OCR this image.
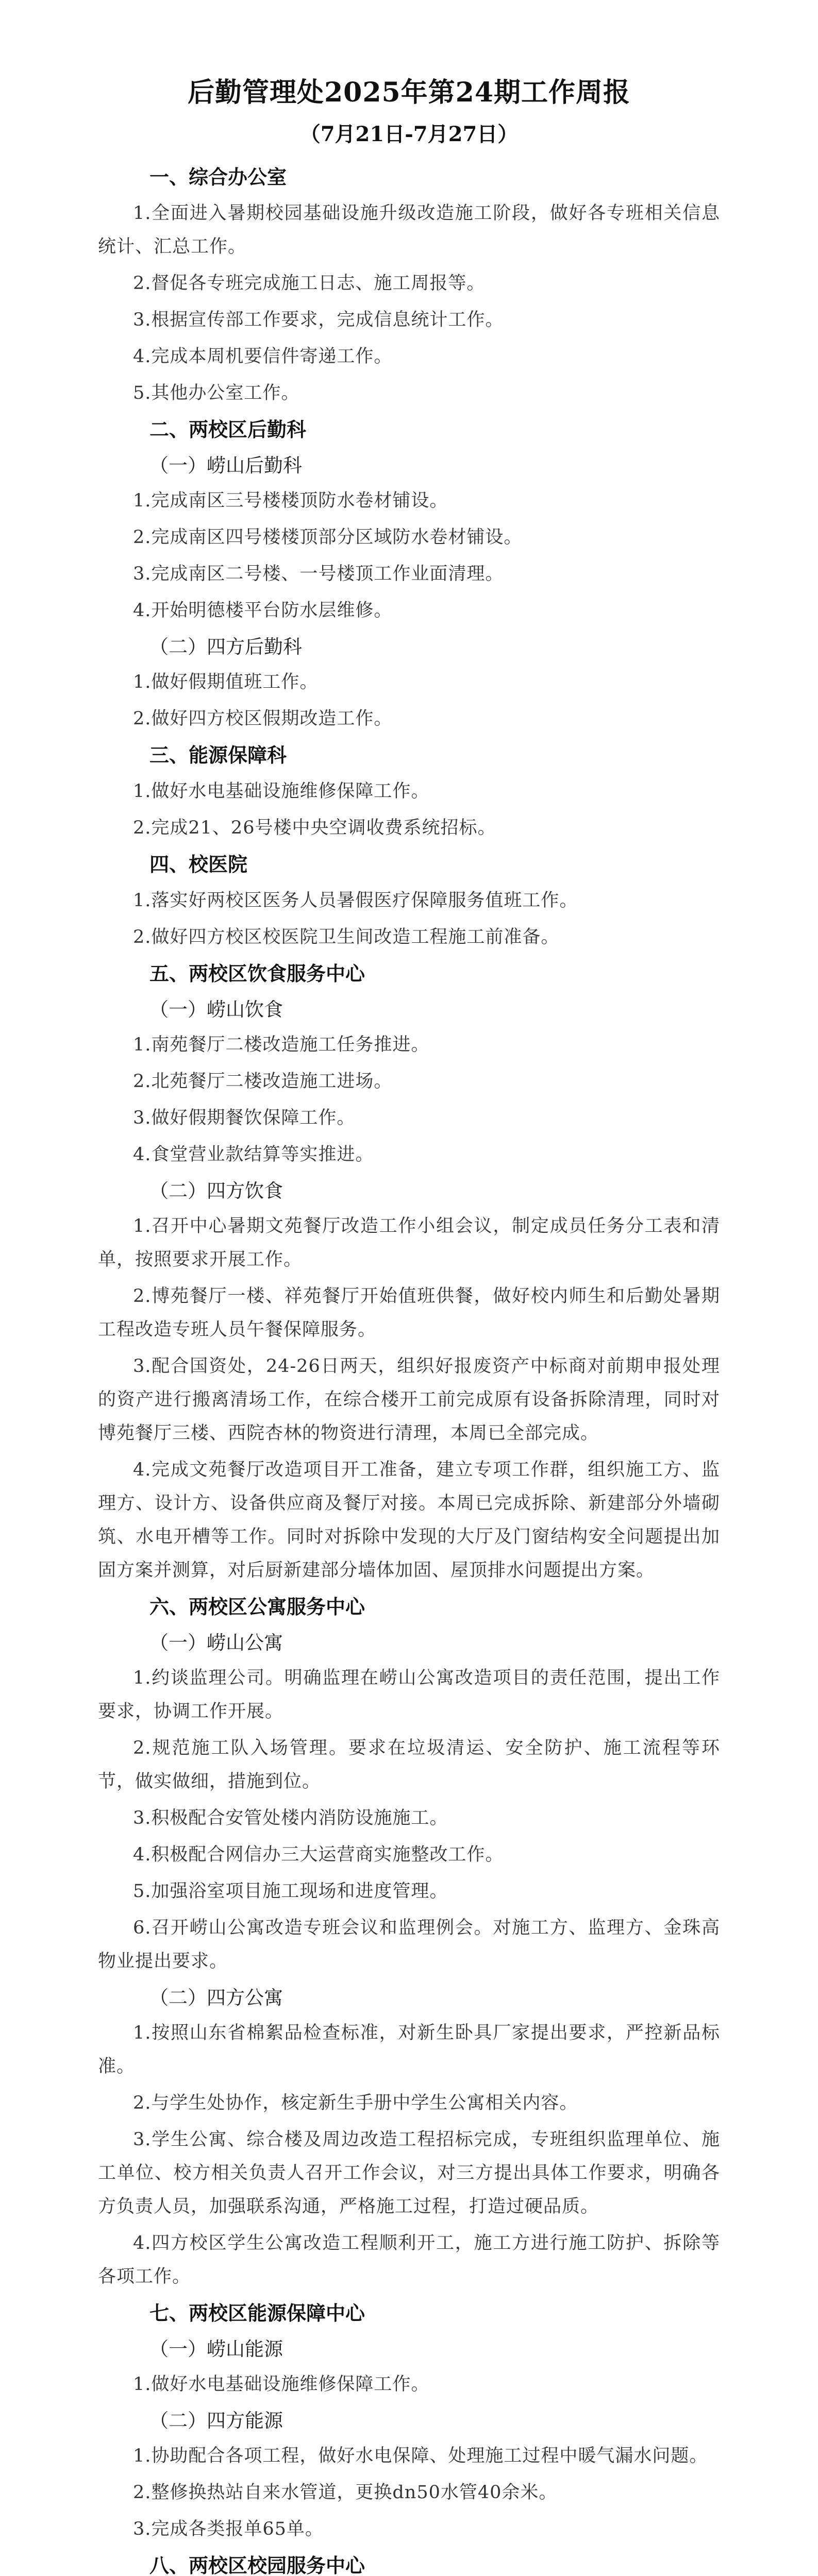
后勤管理处2025年第24期工作周报
（7月21日-7月27日）
一、综合办公室

1.全面进入暑期校园基础设施升级改造施工阶段，做好各专班相关信息统计、汇总工作。

2.督促各专班完成施工日志、施工周报等。

3.根据宣传部工作要求，完成信息统计工作。

4.完成本周机要信件寄递工作。

5.其他办公室工作。

二、两校区后勤科
（一）崂山后勤科

1.完成南区三号楼楼顶防水卷材铺设。

2.完成南区四号楼楼顶部分区域防水卷材铺设。

3.完成南区二号楼、一号楼顶工作业面清理。

4.开始明德楼平台防水层维修。

（二）四方后勤科

1.做好假期值班工作。

2.做好四方校区假期改造工作。

三、能源保障科

1.做好水电基础设施维修保障工作。

2.完成21、26号楼中央空调收费系统招标。

四、校医院

1.落实好两校区医务人员暑假医疗保障服务值班工作。

2.做好四方校区校医院卫生间改造工程施工前准备。

五、两校区饮食服务中心
（一）崂山饮食

1.南苑餐厅二楼改造施工任务推进。

2.北苑餐厅二楼改造施工进场。

3.做好假期餐饮保障工作。

4.食堂营业款结算等实推进。

（二）四方饮食

1.召开中心暑期文苑餐厅改造工作小组会议，制定成员任务分工表和清单，按照要求开展工作。

2.博苑餐厅一楼、祥苑餐厅开始值班供餐，做好校内师生和后勤处暑期工程改造专班人员午餐保障服务。

3.配合国资处，24-26日两天，组织好报废资产中标商对前期申报处理的资产进行搬离清场工作，在综合楼开工前完成原有设备拆除清理，同时对博苑餐厅三楼、西院杏林的物资进行清理，本周已全部完成。

4.完成文苑餐厅改造项目开工准备，建立专项工作群，组织施工方、监理方、设计方、设备供应商及餐厅对接。本周已完成拆除、新建部分外墙砌筑、水电开槽等工作。同时对拆除中发现的大厅及门窗结构安全问题提出加固方案并测算，对后厨新建部分墙体加固、屋顶排水问题提出方案。

六、两校区公寓服务中心
（一）崂山公寓

1.约谈监理公司。明确监理在崂山公寓改造项目的责任范围，提出工作要求，协调工作开展。

2.规范施工队入场管理。要求在垃圾清运、安全防护、施工流程等环节，做实做细，措施到位。

3.积极配合安管处楼内消防设施施工。

4.积极配合网信办三大运营商实施整改工作。

5.加强浴室项目施工现场和进度管理。

6.召开崂山公寓改造专班会议和监理例会。对施工方、监理方、金珠高物业提出要求。

（二）四方公寓

1.按照山东省棉絮品检查标准，对新生卧具厂家提出要求，严控新品标准。

2.与学生处协作，核定新生手册中学生公寓相关内容。

3.学生公寓、综合楼及周边改造工程招标完成，专班组织监理单位、施工单位、校方相关负责人召开工作会议，对三方提出具体工作要求，明确各方负责人员，加强联系沟通，严格施工过程，打造过硬品质。

4.四方校区学生公寓改造工程顺利开工，施工方进行施工防护、拆除等各项工作。

七、两校区能源保障中心
（一）崂山能源

1.做好水电基础设施维修保障工作。

（二）四方能源

1.协助配合各项工程，做好水电保障、处理施工过程中暖气漏水问题。

2.整修换热站自来水管道，更换dn50水管40余米。

3.完成各类报单65单。

八、两校区校园服务中心
